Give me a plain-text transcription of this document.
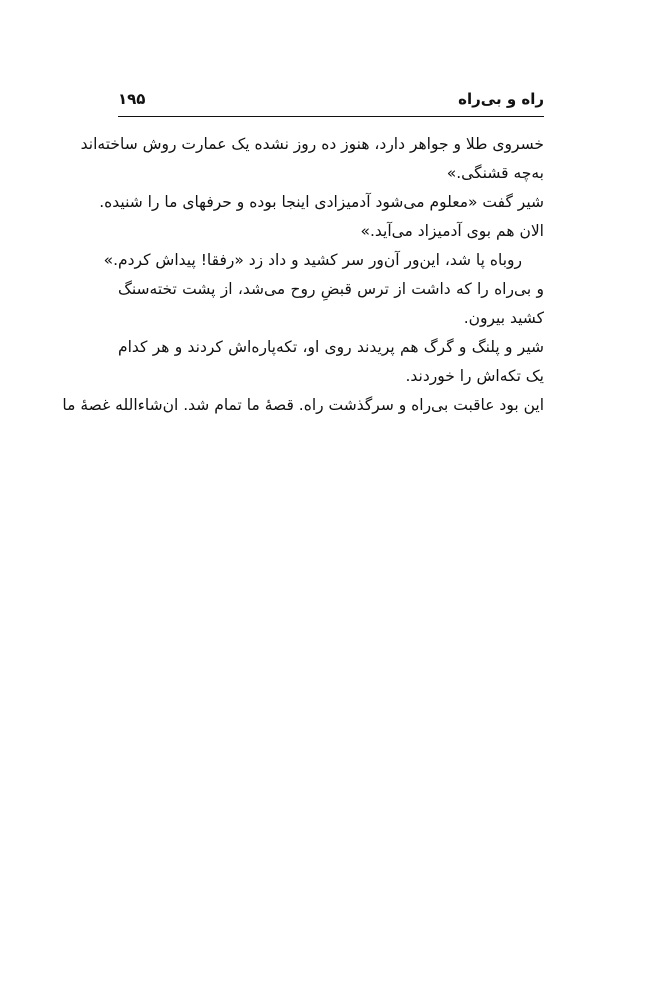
راه و بی‌راه
۱۹۵
خسروی طلا و جواهر دارد، هنوز ده روز نشده یک عمارت روش ساخته‌اند
به‌چه قشنگی.»
شیر گفت «معلوم می‌شود آدمیزادی اینجا بوده و حرفهای ما را شنیده.
الان هم بوی آدمیزاد می‌آید.»
روباه پا شد، این‌ور آن‌ور سر کشید و داد زد «رفقا! پیداش کردم.»
و بی‌راه را که داشت از ترس قبضِ روح می‌شد، از پشت تخته‌سنگ
کشید بیرون.
شیر و پلنگ و گرگ هم پریدند روی او، تکه‌پاره‌اش کردند و هر کدام
یک تکه‌اش را خوردند.
این بود عاقبت بی‌راه و سرگذشت راه. قصهٔ ما تمام شد. ان‌شاءالله غصهٔ ما
